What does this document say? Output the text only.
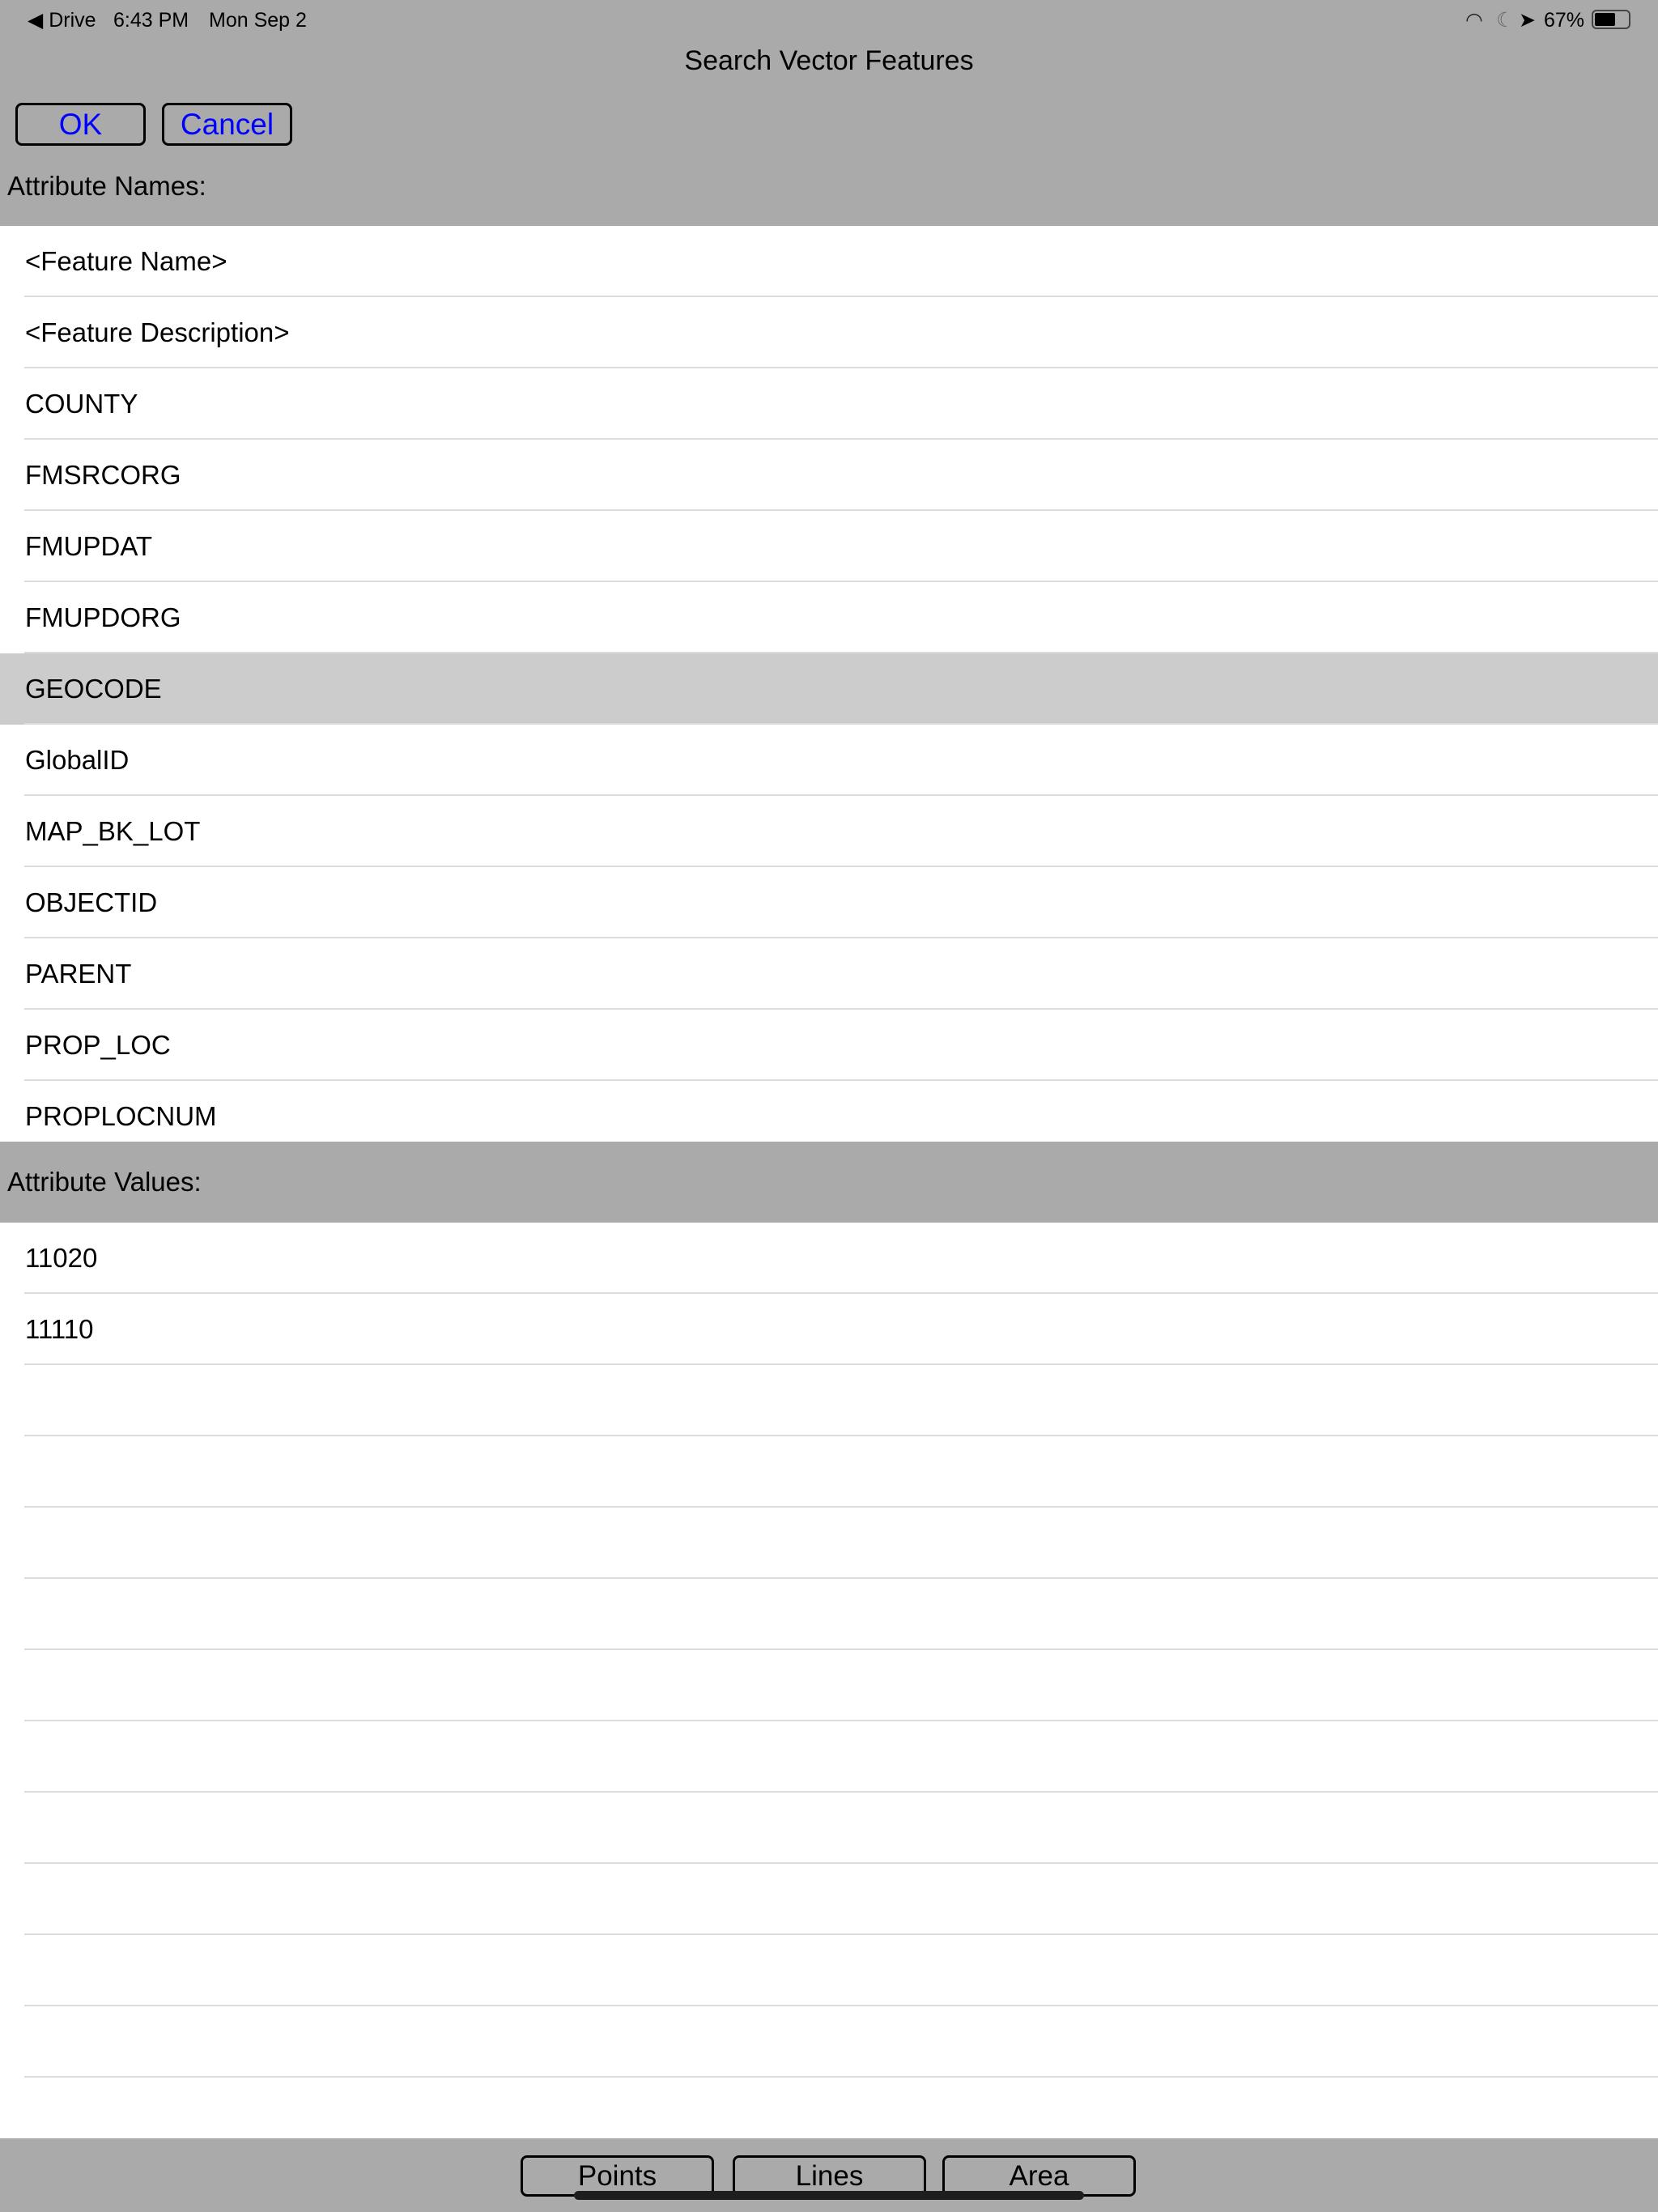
◀ Drive 6:43 PM Mon Sep 2	◠ ☾ ➤ 67%
Search Vector Features
OK	Cancel
Attribute Names:
<Feature Name>
<Feature Description>
COUNTY
FMSRCORG
FMUPDAT
FMUPDORG
GEOCODE
GlobalID
MAP_BK_LOT
OBJECTID
PARENT
PROP_LOC
PROPLOCNUM
Attribute Values:
11020
11110
Points	Lines	Area
